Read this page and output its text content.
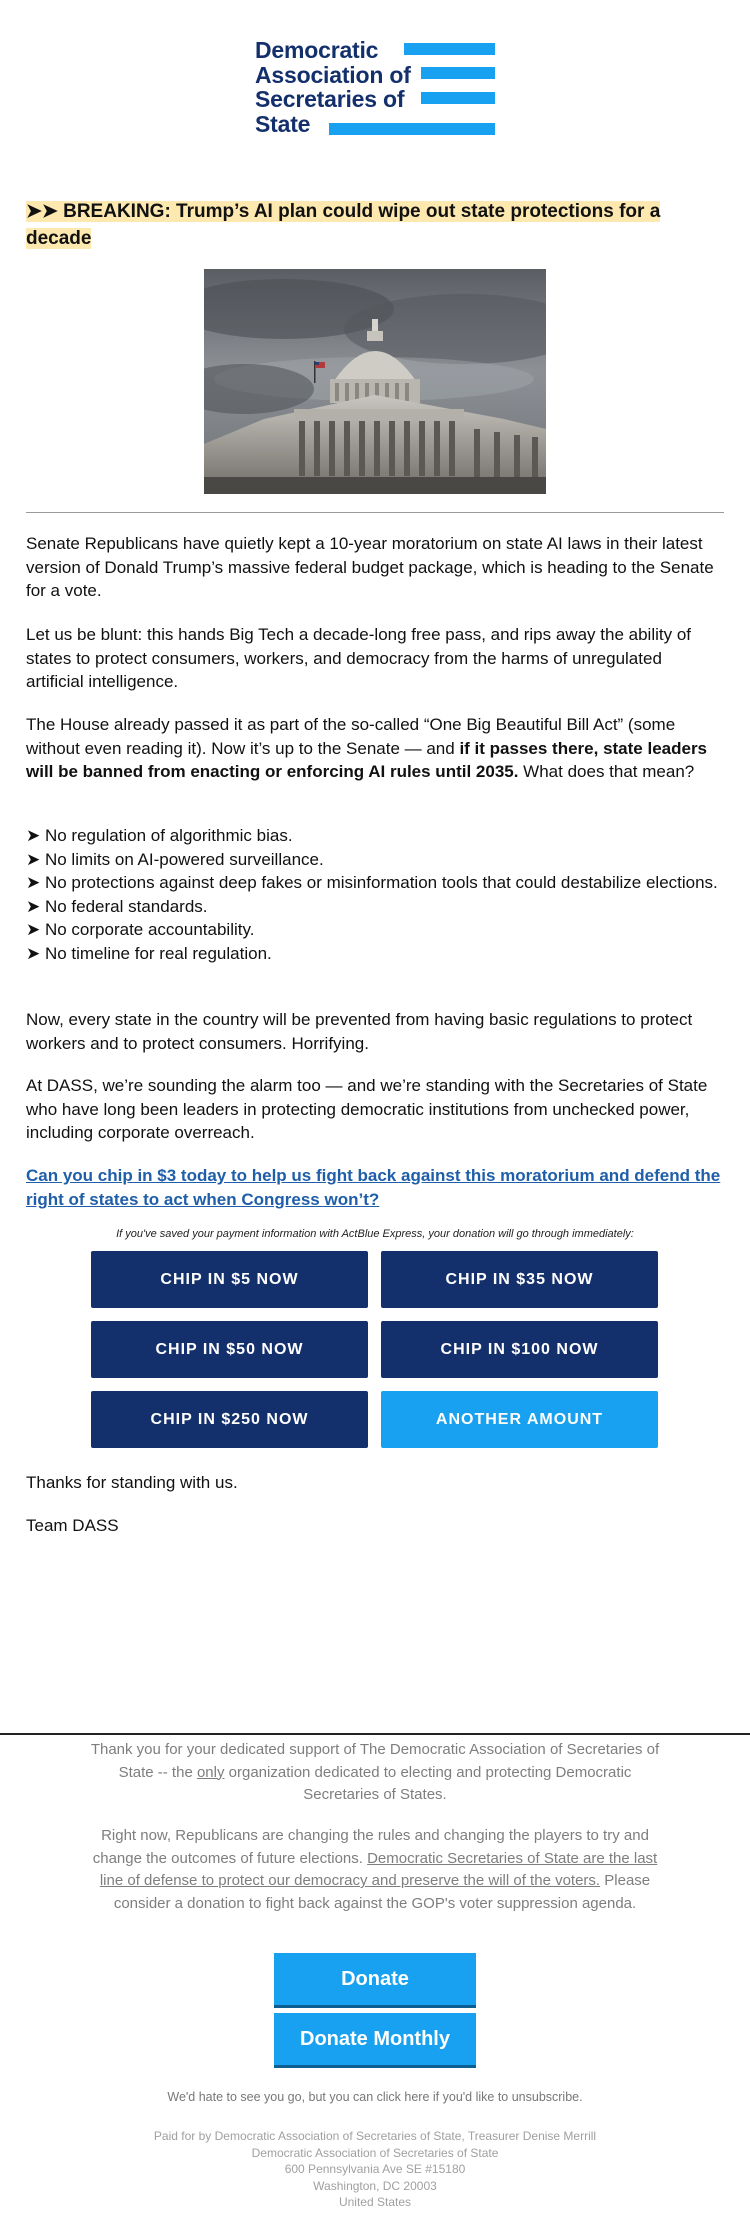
Democratic
Association of
Secretaries of
State
➤➤ BREAKING: Trump’s AI plan could wipe out state protections for a decade

Senate Republicans have quietly kept a 10-year moratorium on state AI laws in their latest version of Donald Trump’s massive federal budget package, which is heading to the Senate for a vote.

Let us be blunt: this hands Big Tech a decade-long free pass, and rips away the ability of states to protect consumers, workers, and democracy from the harms of unregulated artificial intelligence.

The House already passed it as part of the so-called “One Big Beautiful Bill Act” (some without even reading it). Now it’s up to the Senate — and if it passes there, state leaders will be banned from enacting or enforcing AI rules until 2035. What does that mean?

➤ No regulation of algorithmic bias.
➤ No limits on AI-powered surveillance.
➤ No protections against deep fakes or misinformation tools that could destabilize elections.
➤ No federal standards.
➤ No corporate accountability.
➤ No timeline for real regulation.

Now, every state in the country will be prevented from having basic regulations to protect workers and to protect consumers. Horrifying.

At DASS, we’re sounding the alarm too — and we’re standing with the Secretaries of State who have long been leaders in protecting democratic institutions from unchecked power, including corporate overreach.

Can you chip in $3 today to help us fight back against this moratorium and defend the right of states to act when Congress won’t?

If you've saved your payment information with ActBlue Express, your donation will go through immediately:

CHIP IN $5 NOW	CHIP IN $35 NOW
CHIP IN $50 NOW	CHIP IN $100 NOW
CHIP IN $250 NOW	ANOTHER AMOUNT

Thanks for standing with us.

Team DASS

Thank you for your dedicated support of The Democratic Association of Secretaries of State -- the only organization dedicated to electing and protecting Democratic Secretaries of States.

Right now, Republicans are changing the rules and changing the players to try and change the outcomes of future elections. Democratic Secretaries of State are the last line of defense to protect our democracy and preserve the will of the voters. Please consider a donation to fight back against the GOP's voter suppression agenda.

Donate
Donate Monthly

We'd hate to see you go, but you can click here if you'd like to unsubscribe.

Paid for by Democratic Association of Secretaries of State, Treasurer Denise Merrill
Democratic Association of Secretaries of State
600 Pennsylvania Ave SE #15180
Washington, DC 20003
United States
